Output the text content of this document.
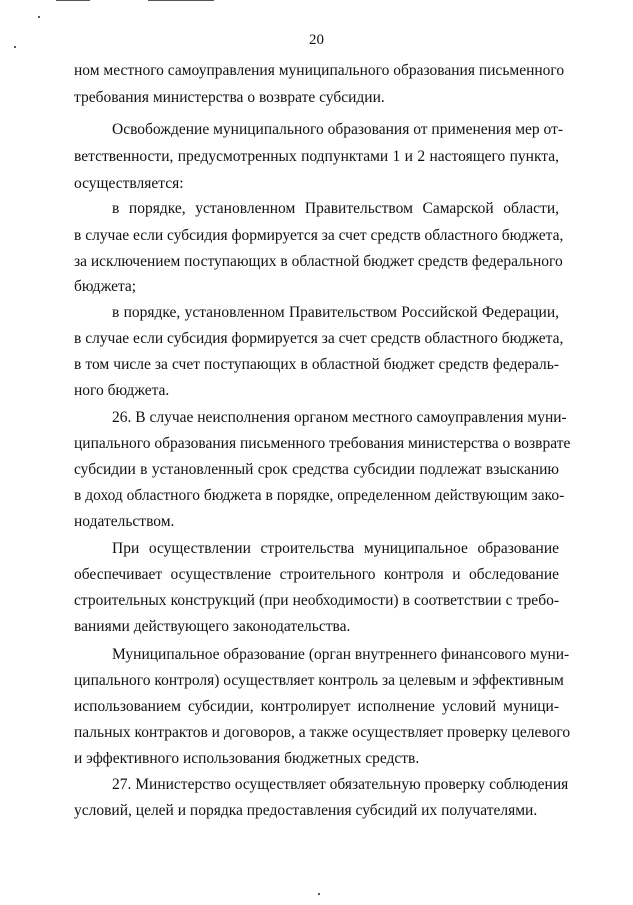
20
ном местного самоуправления муниципального образования письменного
требования министерства о возврате субсидии.
Освобождение муниципального образования от применения мер от-
ветственности, предусмотренных подпунктами 1 и 2 настоящего пункта,
осуществляется:
в порядке, установленном Правительством Самарской области,
в случае если субсидия формируется за счет средств областного бюджета,
за исключением поступающих в областной бюджет средств федерального
бюджета;
в порядке, установленном Правительством Российской Федерации,
в случае если субсидия формируется за счет средств областного бюджета,
в том числе за счет поступающих в областной бюджет средств федераль-
ного бюджета.
26. В случае неисполнения органом местного самоуправления муни-
ципального образования письменного требования министерства о возврате
субсидии в установленный срок средства субсидии подлежат взысканию
в доход областного бюджета в порядке, определенном действующим зако-
нодательством.
При осуществлении строительства муниципальное образование
обеспечивает осуществление строительного контроля и обследование
строительных конструкций (при необходимости) в соответствии с требо-
ваниями действующего законодательства.
Муниципальное образование (орган внутреннего финансового муни-
ципального контроля) осуществляет контроль за целевым и эффективным
использованием субсидии, контролирует исполнение условий муници-
пальных контрактов и договоров, а также осуществляет проверку целевого
и эффективного использования бюджетных средств.
27. Министерство осуществляет обязательную проверку соблюдения
условий, целей и порядка предоставления субсидий их получателями.
